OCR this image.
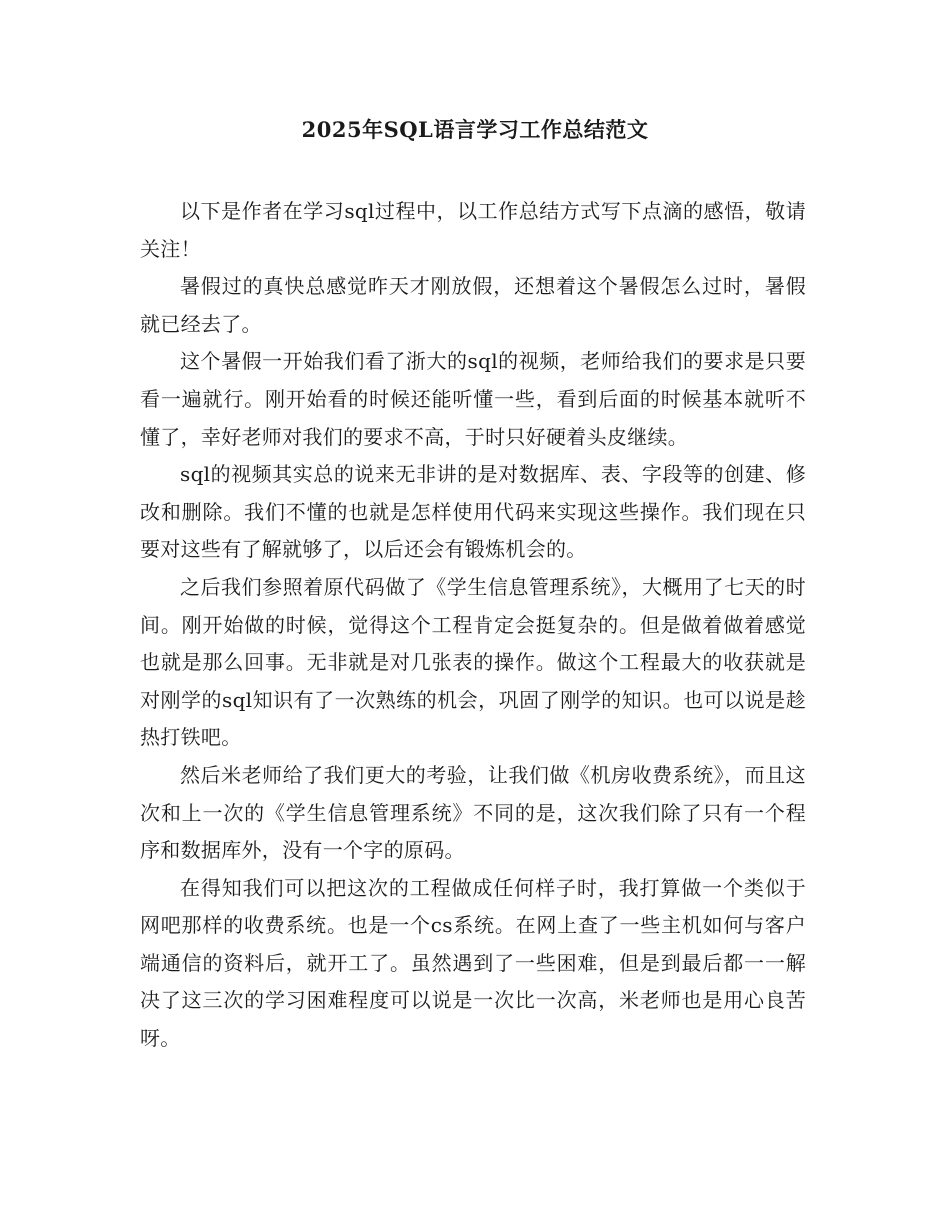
2025年SQL语言学习工作总结范文

以下是作者在学习sql过程中，以工作总结方式写下点滴的感悟，敬请关注！

暑假过的真快总感觉昨天才刚放假，还想着这个暑假怎么过时，暑假就已经去了。

这个暑假一开始我们看了浙大的sql的视频，老师给我们的要求是只要看一遍就行。刚开始看的时候还能听懂一些，看到后面的时候基本就听不懂了，幸好老师对我们的要求不高，于时只好硬着头皮继续。

sql的视频其实总的说来无非讲的是对数据库、表、字段等的创建、修改和删除。我们不懂的也就是怎样使用代码来实现这些操作。我们现在只要对这些有了解就够了，以后还会有锻炼机会的。

之后我们参照着原代码做了《学生信息管理系统》，大概用了七天的时间。刚开始做的时候，觉得这个工程肯定会挺复杂的。但是做着做着感觉也就是那么回事。无非就是对几张表的操作。做这个工程最大的收获就是对刚学的sql知识有了一次熟练的机会，巩固了刚学的知识。也可以说是趁热打铁吧。

然后米老师给了我们更大的考验，让我们做《机房收费系统》，而且这次和上一次的《学生信息管理系统》不同的是，这次我们除了只有一个程序和数据库外，没有一个字的原码。

在得知我们可以把这次的工程做成任何样子时，我打算做一个类似于网吧那样的收费系统。也是一个cs系统。在网上查了一些主机如何与客户端通信的资料后，就开工了。虽然遇到了一些困难，但是到最后都一一解决了这三次的学习困难程度可以说是一次比一次高，米老师也是用心良苦呀。
